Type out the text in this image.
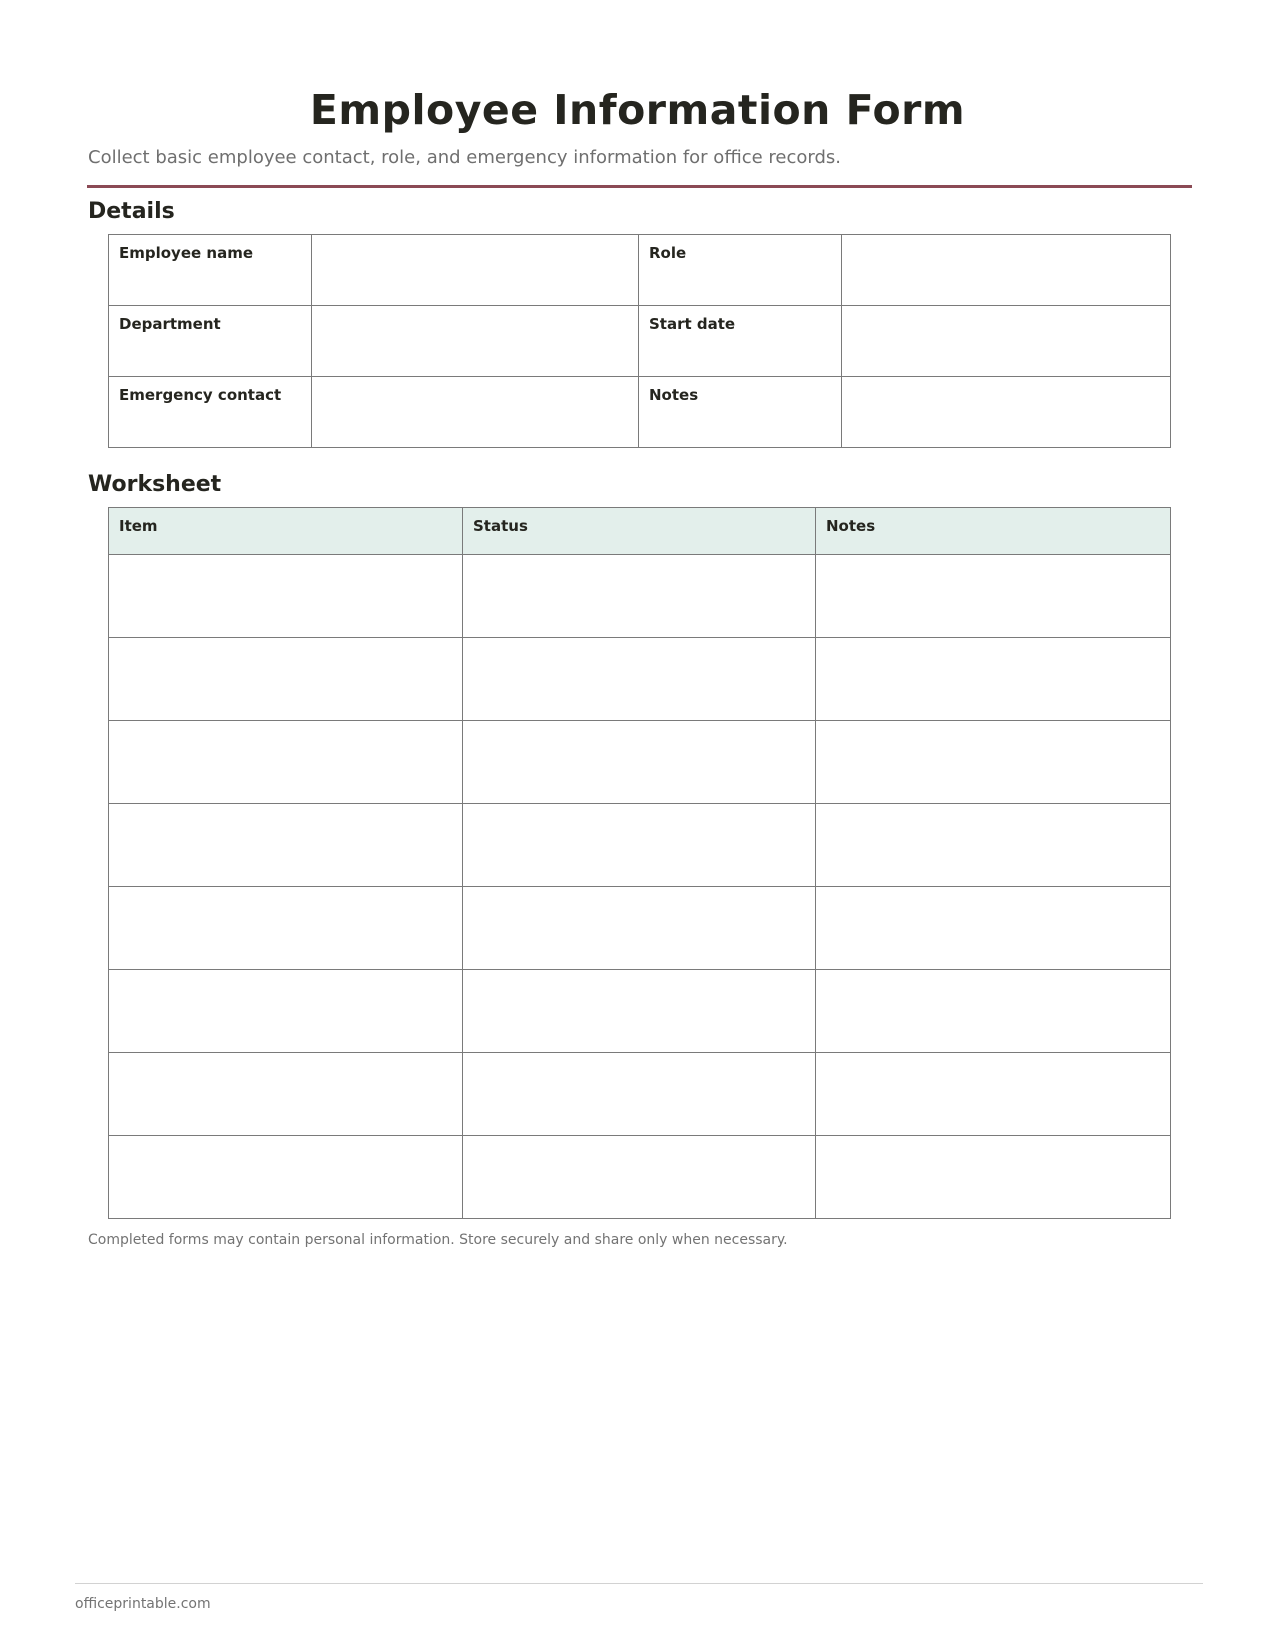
Employee Information Form
Collect basic employee contact, role, and emergency information for office records.
Details
Employee name		Role	
Department		Start date	
Emergency contact		Notes	
Worksheet
Item	Status	Notes

Completed forms may contain personal information. Store securely and share only when necessary.
officeprintable.com
